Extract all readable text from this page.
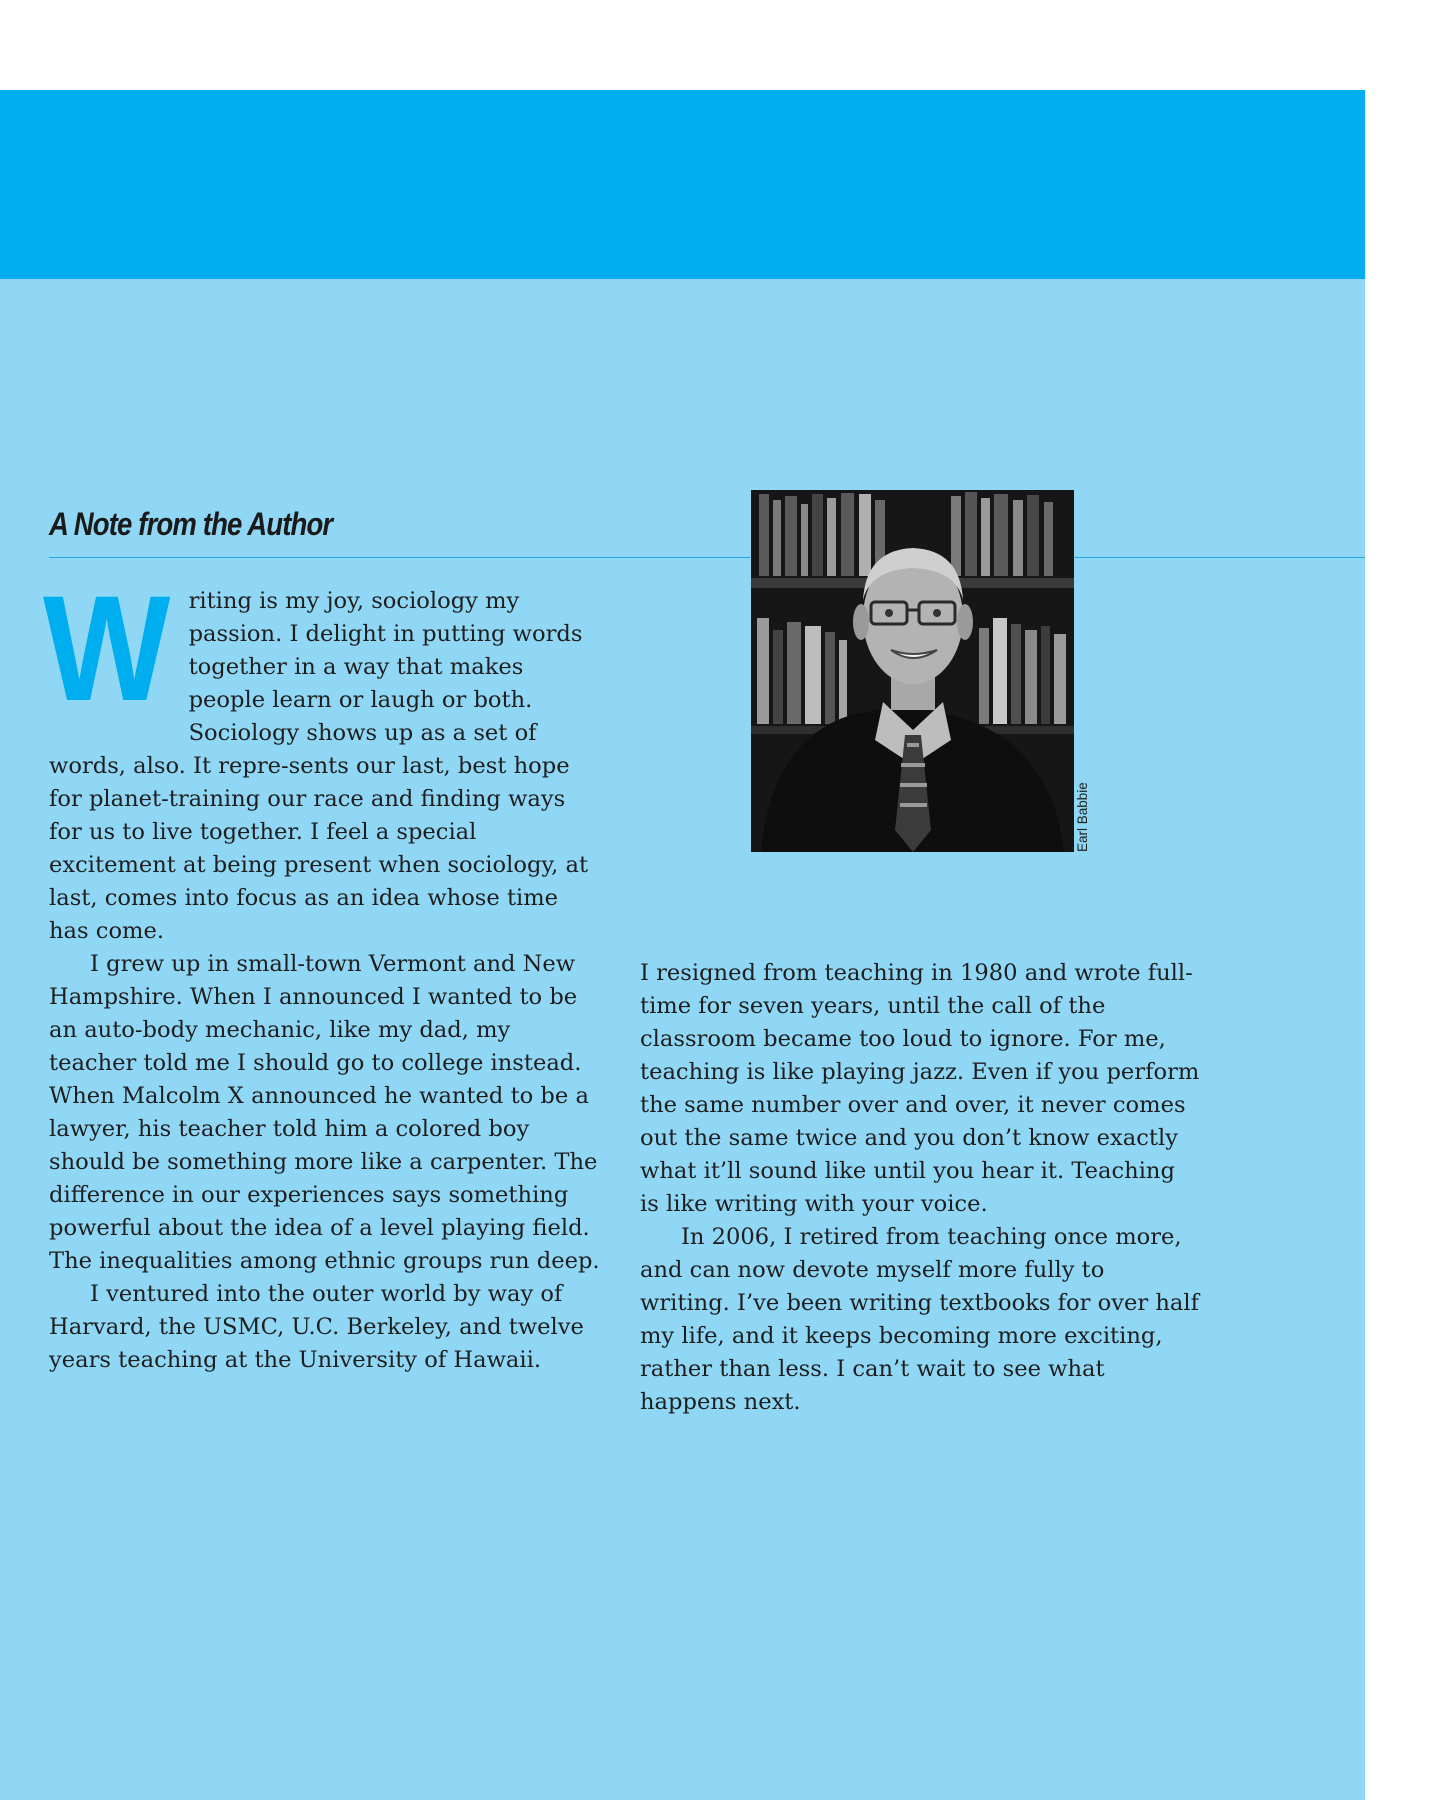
A Note from the Author

Writing is my joy, sociology my passion. I delight in putting words together in a way that makes people learn or laugh or both. Sociology shows up as a set of words, also. It repre-sents our last, best hope for planet-training our race and finding ways for us to live together. I feel a special excitement at being present when sociology, at last, comes into focus as an idea whose time has come.

I grew up in small-town Vermont and New Hampshire. When I announced I wanted to be an auto-body mechanic, like my dad, my teacher told me I should go to college instead. When Malcolm X announced he wanted to be a lawyer, his teacher told him a colored boy should be something more like a carpenter. The difference in our experiences says something powerful about the idea of a level playing field. The inequalities among ethnic groups run deep.

I ventured into the outer world by way of Harvard, the USMC, U.C. Berkeley, and twelve years teaching at the University of Hawaii.

Earl Babbie

I resigned from teaching in 1980 and wrote full-time for seven years, until the call of the classroom became too loud to ignore. For me, teaching is like playing jazz. Even if you perform the same number over and over, it never comes out the same twice and you don’t know exactly what it’ll sound like until you hear it. Teaching is like writing with your voice.

In 2006, I retired from teaching once more, and can now devote myself more fully to writing. I’ve been writing textbooks for over half my life, and it keeps becoming more exciting, rather than less. I can’t wait to see what happens next.
